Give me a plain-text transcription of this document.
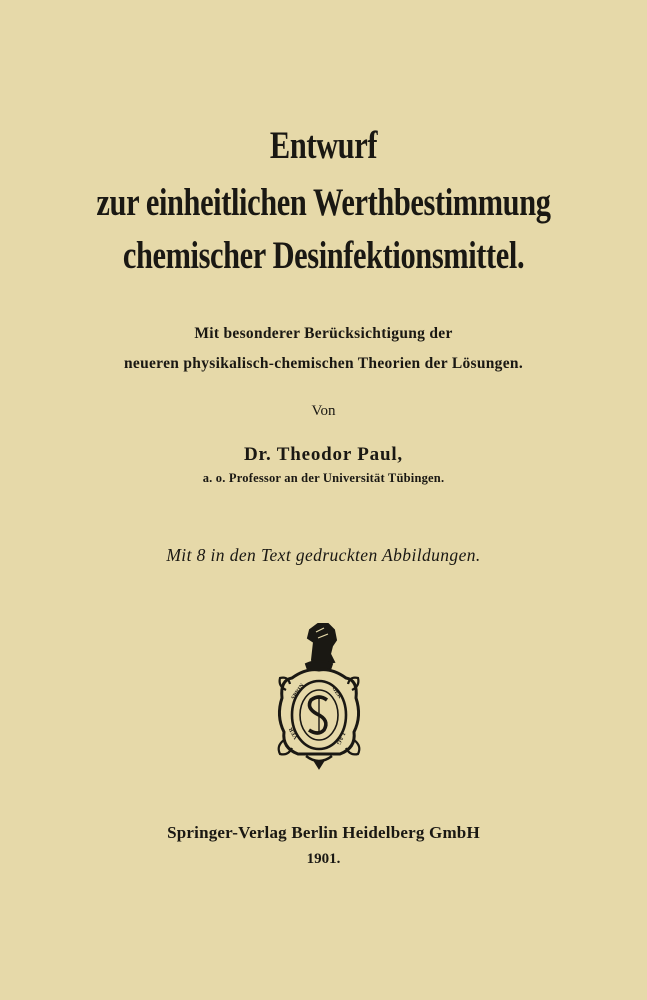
Entwurf
zur einheitlichen Werthbestimmung
chemischer Desinfektionsmittel.
Mit besonderer Berücksichtigung der
neueren physikalisch-chemischen Theorien der Lösungen.
Von
Dr. Theodor Paul,
a. o. Professor an der Universität Tübingen.
Mit 8 in den Text gedruckten Abbildungen.
SPRIN	GER
VER	LAG
Springer-Verlag Berlin Heidelberg GmbH
1901.
